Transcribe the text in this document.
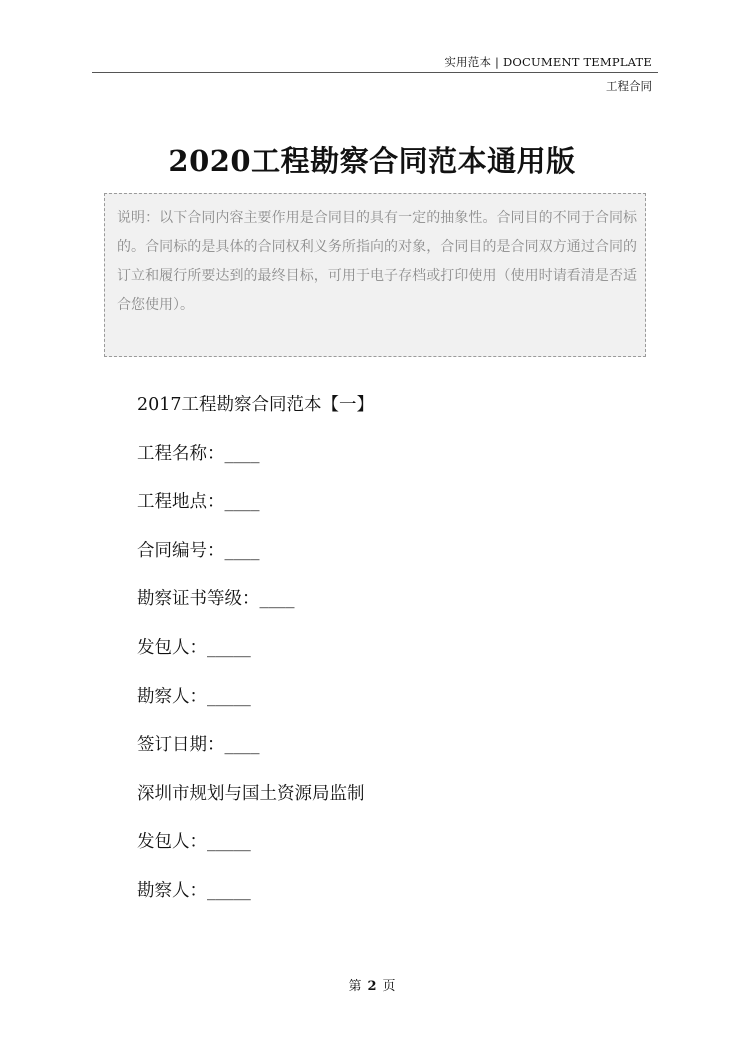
实用范本 | DOCUMENT TEMPLATE
工程合同
2020工程勘察合同范本通用版
说明：以下合同内容主要作用是合同目的具有一定的抽象性。合同目的不同于合同标的。合同标的是具体的合同权利义务所指向的对象，合同目的是合同双方通过合同的订立和履行所要达到的最终目标，可用于电子存档或打印使用（使用时请看清是否适合您使用）。
2017工程勘察合同范本【一】
工程名称：____
工程地点：____
合同编号：____
勘察证书等级：____
发包人：_____
勘察人：_____
签订日期：____
深圳市规划与国土资源局监制
发包人：_____
勘察人：_____
第 2 页
